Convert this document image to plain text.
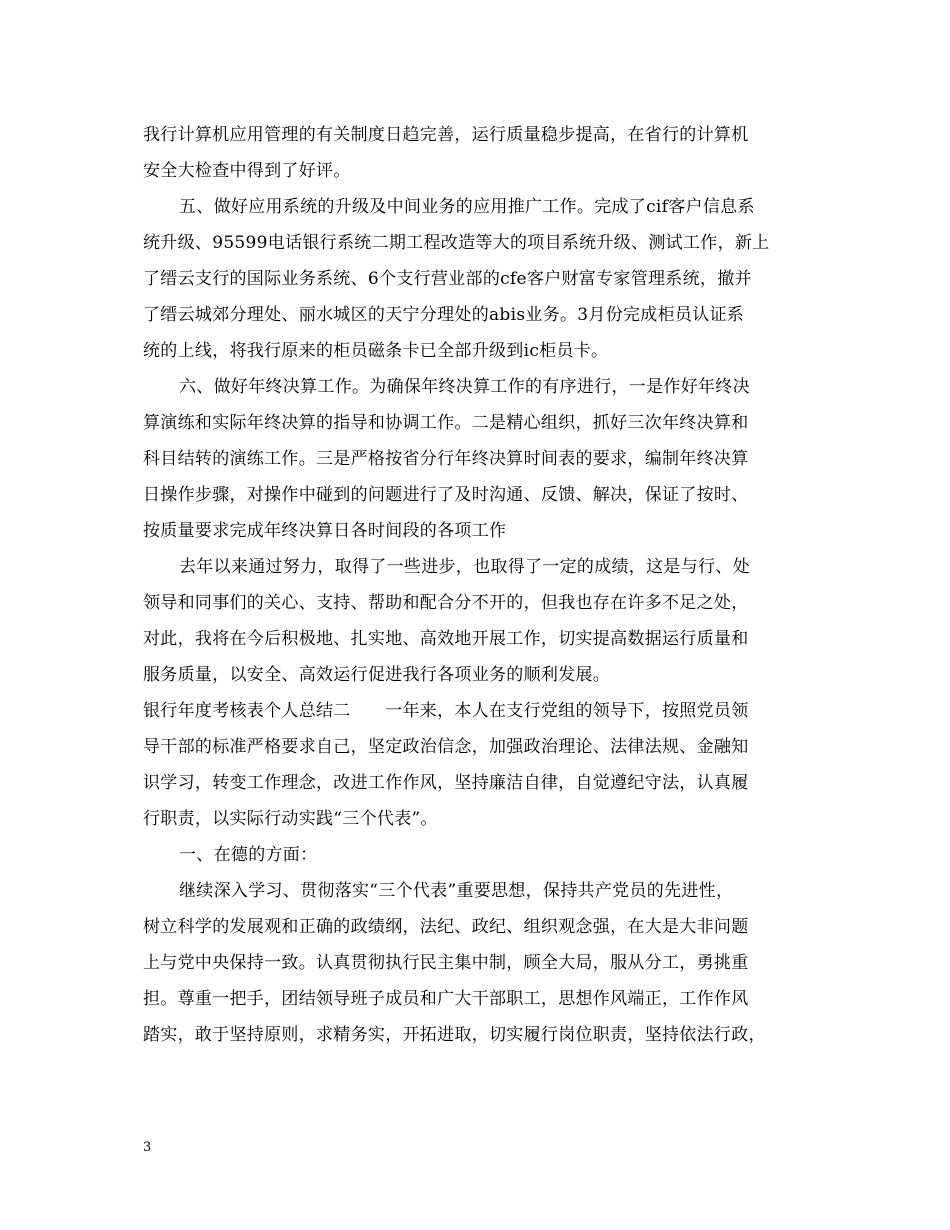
我行计算机应用管理的有关制度日趋完善，运行质量稳步提高，在省行的计算机
安全大检查中得到了好评。
五、做好应用系统的升级及中间业务的应用推广工作。完成了cif客户信息系
统升级、95599电话银行系统二期工程改造等大的项目系统升级、测试工作，新上
了缙云支行的国际业务系统、6个支行营业部的cfe客户财富专家管理系统，撤并
了缙云城郊分理处、丽水城区的天宁分理处的abis业务。3月份完成柜员认证系
统的上线，将我行原来的柜员磁条卡已全部升级到ic柜员卡。
六、做好年终决算工作。为确保年终决算工作的有序进行，一是作好年终决
算演练和实际年终决算的指导和协调工作。二是精心组织，抓好三次年终决算和
科目结转的演练工作。三是严格按省分行年终决算时间表的要求，编制年终决算
日操作步骤，对操作中碰到的问题进行了及时沟通、反馈、解决，保证了按时、
按质量要求完成年终决算日各时间段的各项工作
去年以来通过努力，取得了一些进步，也取得了一定的成绩，这是与行、处
领导和同事们的关心、支持、帮助和配合分不开的，但我也存在许多不足之处，
对此，我将在今后积极地、扎实地、高效地开展工作，切实提高数据运行质量和
服务质量，以安全、高效运行促进我行各项业务的顺利发展。
银行年度考核表个人总结二　　一年来，本人在支行党组的领导下，按照党员领
导干部的标准严格要求自己，坚定政治信念，加强政治理论、法律法规、金融知
识学习，转变工作理念，改进工作作风，坚持廉洁自律，自觉遵纪守法，认真履
行职责，以实际行动实践“三个代表”。
一、在德的方面：
继续深入学习、贯彻落实“三个代表”重要思想，保持共产党员的先进性，
树立科学的发展观和正确的政绩纲，法纪、政纪、组织观念强，在大是大非问题
上与党中央保持一致。认真贯彻执行民主集中制，顾全大局，服从分工，勇挑重
担。尊重一把手，团结领导班子成员和广大干部职工，思想作风端正，工作作风
踏实，敢于坚持原则，求精务实，开拓进取，切实履行岗位职责，坚持依法行政，
3
